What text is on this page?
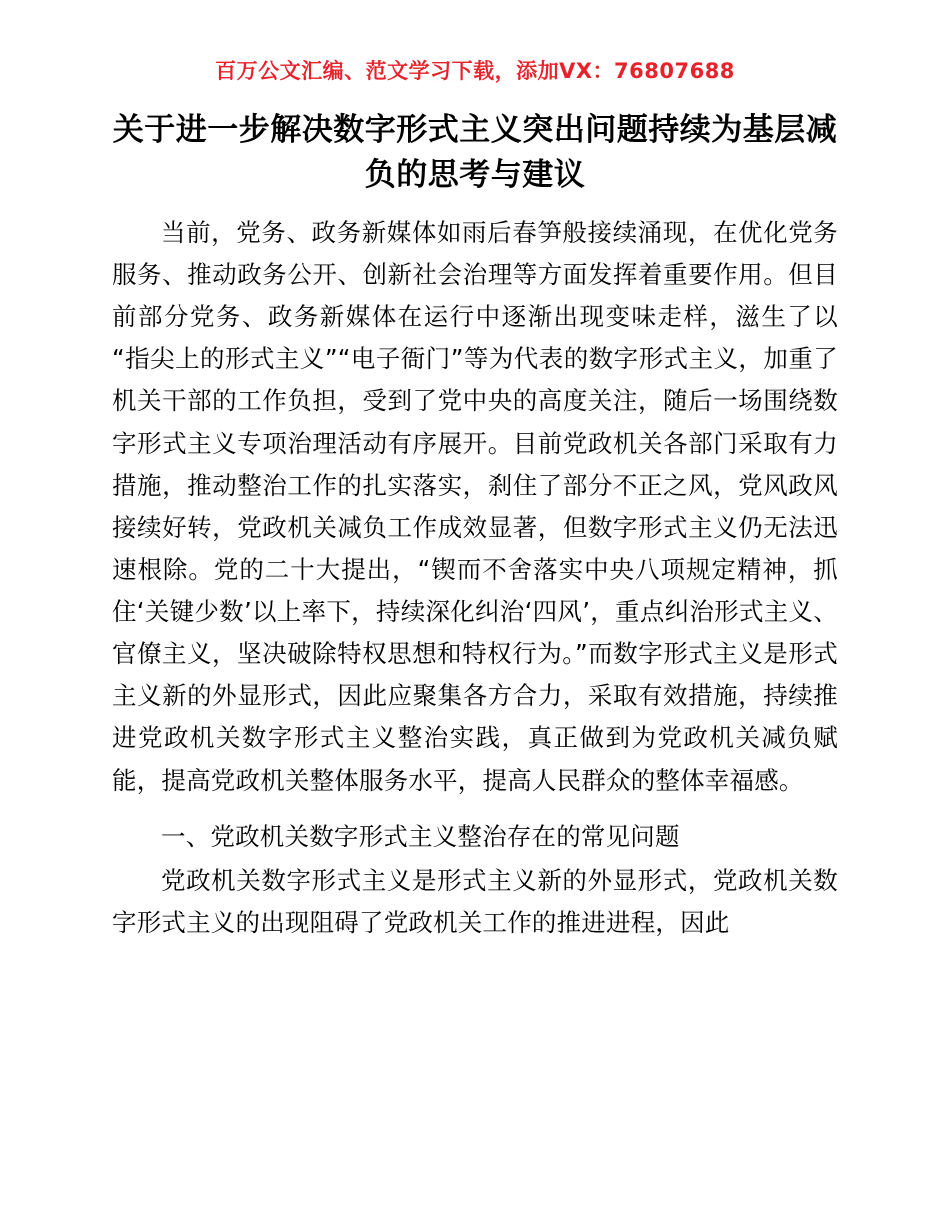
百万公文汇编、范文学习下载，添加VX：76807688
关于进一步解决数字形式主义突出问题持续为基层减负的思考与建议

当前，党务、政务新媒体如雨后春笋般接续涌现，在优化党务服务、推动政务公开、创新社会治理等方面发挥着重要作用。但目前部分党务、政务新媒体在运行中逐渐出现变味走样，滋生了以“指尖上的形式主义”“电子衙门”等为代表的数字形式主义，加重了机关干部的工作负担，受到了党中央的高度关注，随后一场围绕数字形式主义专项治理活动有序展开。目前党政机关各部门采取有力措施，推动整治工作的扎实落实，刹住了部分不正之风，党风政风接续好转，党政机关减负工作成效显著，但数字形式主义仍无法迅速根除。党的二十大提出，“锲而不舍落实中央八项规定精神，抓住‘关键少数’以上率下，持续深化纠治‘四风’，重点纠治形式主义、官僚主义，坚决破除特权思想和特权行为。”而数字形式主义是形式主义新的外显形式，因此应聚集各方合力，采取有效措施，持续推进党政机关数字形式主义整治实践，真正做到为党政机关减负赋能，提高党政机关整体服务水平，提高人民群众的整体幸福感。

一、党政机关数字形式主义整治存在的常见问题

党政机关数字形式主义是形式主义新的外显形式，党政机关数字形式主义的出现阻碍了党政机关工作的推进进程，因此
